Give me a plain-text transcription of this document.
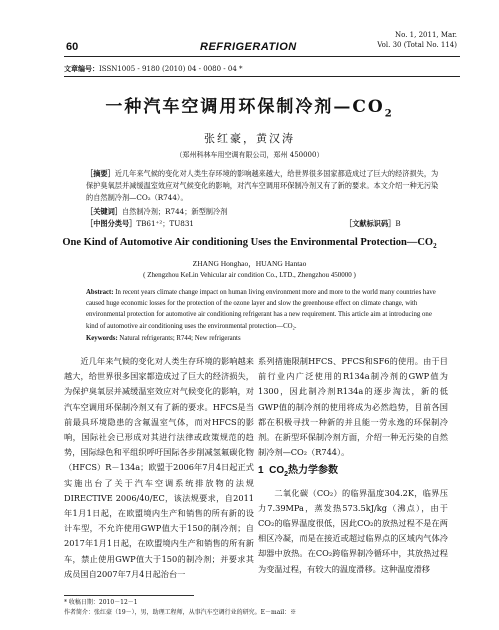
60	REFRIGERATION
No. 1, 2011, Mar.
Vol. 30 (Total No. 114)
文章编号：ISSN1005 - 9180 (2010) 04 - 0080 - 04 *
一种汽车空调用环保制冷剂$—CO_2$
张红豪，黄汉涛
（郑州科林车用空调有限公司，郑州 450000）
［摘要］近几年来气候的变化对人类生存环境的影响越来越大，给世界很多国家都造成过了巨大的经济损失，为保护臭氧层并减缓温室效应对气候变化的影响，对汽车空调用环保制冷剂又有了新的要求。本文介绍一种无污染的自然制冷剂—CO₂（R744）。
［关键词］自然制冷剂；R744；新型制冷剂
［中图分类号］TB61⁺²；TU831	［文献标识码］B
One Kind of Automotive Air conditioning Uses the Environmental $Protection—CO_2$
ZHANG Honghao，HUANG Hantao
( Zhengzhou KeLin Vehicular air condition Co., LTD., Zhengzhou 450000 )
Abstract: In recent years climate change impact on human living environment more and more to the world many countries have caused huge economic losses for the protection of the ozone layer and slow the greenhouse effect on climate change, with environmental protection for automotive air conditioning refrigerant has a new requirement. This article aim at introducing one kind of automotive air conditioning uses the environmental protection—CO₂.
Keywords: Natural refrigerants; R744; New refrigerants

近几年来气候的变化对人类生存环境的影响越来越大，给世界很多国家都造成过了巨大的经济损失，为保护臭氧层并减缓温室效应对气候变化的影响，对汽车空调用环保制冷剂又有了新的要求。HFCS是当前最具环境隐患的含氟温室气体，而对HFCS的影响，国际社会已形成对其进行法律或政策规范的趋势，国际绿色和平组织呼吁国际各步削减氢氟碳化物（HFCS）R－134a；欧盟于2006年7月4日起正式实施出台了关于汽车空调系统排放物的法规DIRECTIVE 2006/40/EC，该法规要求，自2011年1月1日起，在欧盟境内生产和销售的所有新的设计车型，不允许使用GWP值大于150的制冷剂；自2017年1月1日起，在欧盟境内生产和销售的所有新车，禁止使用GWP值大于150的制冷剂；并要求其成员国自2007年7月4日起治台一

系列措施限制HFCS、PFCS和SF6的使用。由于目前行业内广泛使用的R134a制冷剂的GWP值为1300，因此制冷剂R134a的逐步淘汰，新的低GWP值的制冷剂的使用将成为必然趋势，目前各国都在积极寻找一种新的并且能一劳永逸的环保制冷剂。在新型环保制冷剂方面，介绍一种无污染的自然制冷剂—CO₂（R744）。

1 $CO_2$热力学参数

二氧化碳（CO₂）的临界温度304.2K，临界压力7.39MPa，蒸发热573.5kJ/kg（沸点），由于CO₂的临界温度很低，因此CO₂的放热过程不是在两相区冷凝，而是在接近或超过临界点的区域内气体冷却器中放热。在CO₂跨临界制冷循环中，其放热过程为变温过程，有较大的温度滑移。这种温度滑移

* 收稿日期：2010－12－1
作者简介：张红豪（19－），男，助理工程师，从事汽车空调行业的研究。E－mail：※
